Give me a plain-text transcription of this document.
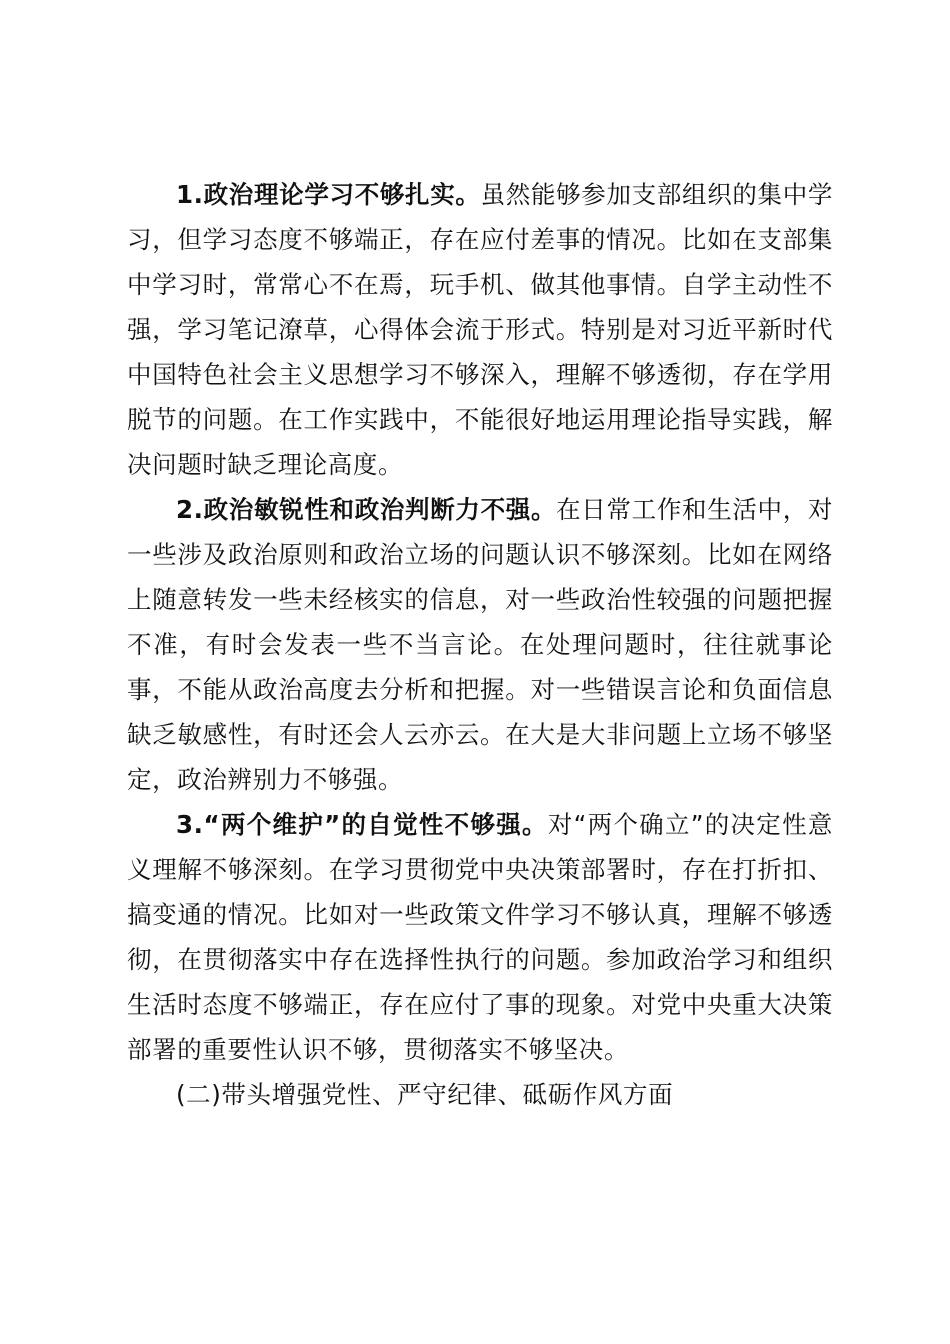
1.政治理论学习不够扎实。虽然能够参加支部组织的集中学习，但学习态度不够端正，存在应付差事的情况。比如在支部集中学习时，常常心不在焉，玩手机、做其他事情。自学主动性不强，学习笔记潦草，心得体会流于形式。特别是对习近平新时代中国特色社会主义思想学习不够深入，理解不够透彻，存在学用脱节的问题。在工作实践中，不能很好地运用理论指导实践，解决问题时缺乏理论高度。

2.政治敏锐性和政治判断力不强。在日常工作和生活中，对一些涉及政治原则和政治立场的问题认识不够深刻。比如在网络上随意转发一些未经核实的信息，对一些政治性较强的问题把握不准，有时会发表一些不当言论。在处理问题时，往往就事论事，不能从政治高度去分析和把握。对一些错误言论和负面信息缺乏敏感性，有时还会人云亦云。在大是大非问题上立场不够坚定，政治辨别力不够强。

3.“两个维护”的自觉性不够强。对“两个确立”的决定性意义理解不够深刻。在学习贯彻党中央决策部署时，存在打折扣、搞变通的情况。比如对一些政策文件学习不够认真，理解不够透彻，在贯彻落实中存在选择性执行的问题。参加政治学习和组织生活时态度不够端正，存在应付了事的现象。对党中央重大决策部署的重要性认识不够，贯彻落实不够坚决。

(二)带头增强党性、严守纪律、砥砺作风方面
